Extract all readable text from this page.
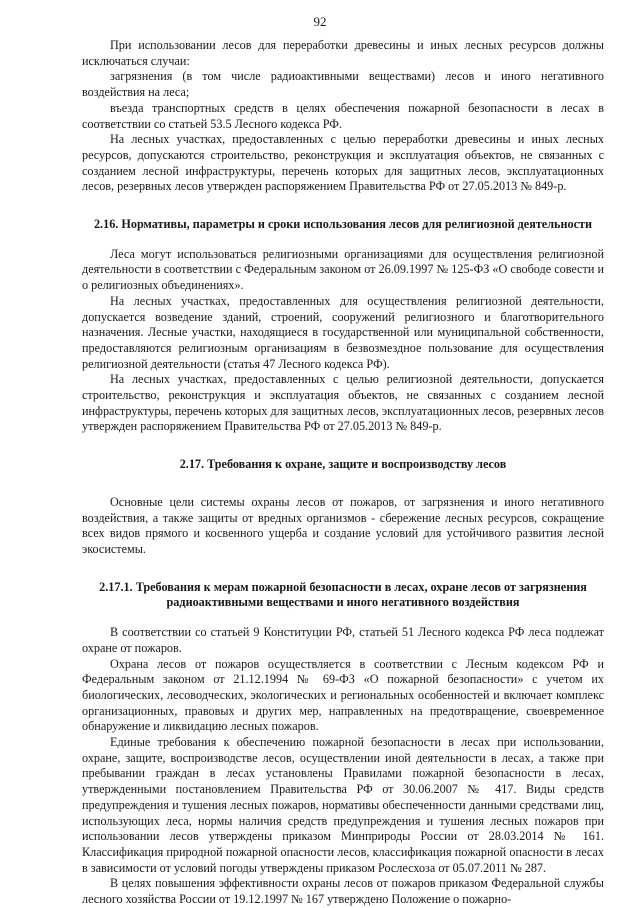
92

При использовании лесов для переработки древесины и иных лесных ресурсов должны исключаться случаи:

загрязнения (в том числе радиоактивными веществами) лесов и иного негативного воздействия на леса;

въезда транспортных средств в целях обеспечения пожарной безопасности в лесах в соответствии со статьей 53.5 Лесного кодекса РФ.

На лесных участках, предоставленных с целью переработки древесины и иных лесных ресурсов, допускаются строительство, реконструкция и эксплуатация объектов, не связанных с созданием лесной инфраструктуры, перечень которых для защитных лесов, эксплуатационных лесов, резервных лесов утвержден распоряжением Правительства РФ от 27.05.2013 № 849-р.

2.16. Нормативы, параметры и сроки использования лесов для религиозной деятельности

Леса могут использоваться религиозными организациями для осуществления религиозной деятельности в соответствии с Федеральным законом от 26.09.1997 № 125-ФЗ «О свободе совести и о религиозных объединениях».

На лесных участках, предоставленных для осуществления религиозной деятельности, допускается возведение зданий, строений, сооружений религиозного и благотворительного назначения. Лесные участки, находящиеся в государственной или муниципальной собственности, предоставляются религиозным организациям в безвозмездное пользование для осуществления религиозной деятельности (статья 47 Лесного кодекса РФ).

На лесных участках, предоставленных с целью религиозной деятельности, допускается строительство, реконструкция и эксплуатация объектов, не связанных с созданием лесной инфраструктуры, перечень которых для защитных лесов, эксплуатационных лесов, резервных лесов утвержден распоряжением Правительства РФ от 27.05.2013 № 849-р.

2.17. Требования к охране, защите и воспроизводству лесов

Основные цели системы охраны лесов от пожаров, от загрязнения и иного негативного воздействия, а также защиты от вредных организмов - сбережение лесных ресурсов, сокращение всех видов прямого и косвенного ущерба и создание условий для устойчивого развития лесной экосистемы.

2.17.1. Требования к мерам пожарной безопасности в лесах, охране лесов от загрязнения радиоактивными веществами и иного негативного воздействия

В соответствии со статьей 9 Конституции РФ, статьей 51 Лесного кодекса РФ леса подлежат охране от пожаров.

Охрана лесов от пожаров осуществляется в соответствии с Лесным кодексом РФ и Федеральным законом от 21.12.1994 № 69-ФЗ «О пожарной безопасности» с учетом их биологических, лесоводческих, экологических и региональных особенностей и включает комплекс организационных, правовых и других мер, направленных на предотвращение, своевременное обнаружение и ликвидацию лесных пожаров.

Единые требования к обеспечению пожарной безопасности в лесах при использовании, охране, защите, воспроизводстве лесов, осуществлении иной деятельности в лесах, а также при пребывании граждан в лесах установлены Правилами пожарной безопасности в лесах, утвержденными постановлением Правительства РФ от 30.06.2007 № 417. Виды средств предупреждения и тушения лесных пожаров, нормативы обеспеченности данными средствами лиц, использующих леса, нормы наличия средств предупреждения и тушения лесных пожаров при использовании лесов утверждены приказом Минприроды России от 28.03.2014 № 161. Классификация природной пожарной опасности лесов, классификация пожарной опасности в лесах в зависимости от условий погоды утверждены приказом Рослесхоза от 05.07.2011 № 287.

В целях повышения эффективности охраны лесов от пожаров приказом Федеральной службы лесного хозяйства России от 19.12.1997 № 167 утверждено Положение о пожарно-
